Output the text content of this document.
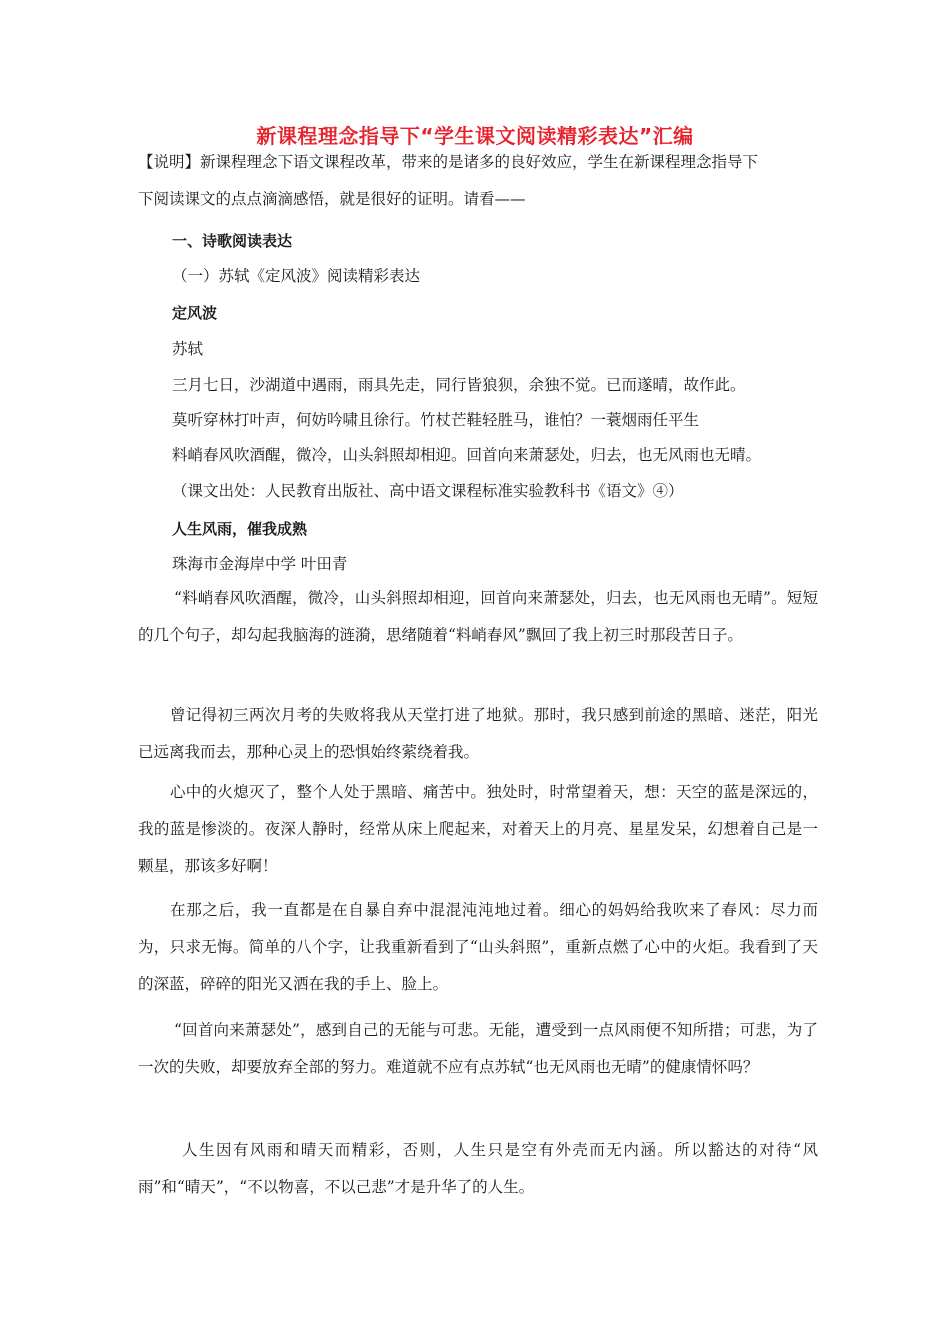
新课程理念指导下“学生课文阅读精彩表达”汇编
【说明】新课程理念下语文课程改革，带来的是诸多的良好效应，学生在新课程理念指导下
下阅读课文的点点滴滴感悟，就是很好的证明。请看——
一、诗歌阅读表达
（一）苏轼《定风波》阅读精彩表达
定风波
苏轼
三月七日，沙湖道中遇雨，雨具先走，同行皆狼狈，余独不觉。已而遂晴，故作此。
莫听穿林打叶声，何妨吟啸且徐行。竹杖芒鞋轻胜马，谁怕？一蓑烟雨任平生
料峭春风吹酒醒，微冷，山头斜照却相迎。回首向来萧瑟处，归去，也无风雨也无晴。
（课文出处：人民教育出版社、高中语文课程标准实验教科书《语文》④）
人生风雨，催我成熟
珠海市金海岸中学 叶田青
“料峭春风吹酒醒，微冷，山头斜照却相迎，回首向来萧瑟处，归去，也无风雨也无晴”。短短的几个句子，却勾起我脑海的涟漪，思绪随着“料峭春风”飘回了我上初三时那段苦日子。
曾记得初三两次月考的失败将我从天堂打进了地狱。那时，我只感到前途的黑暗、迷茫，阳光已远离我而去，那种心灵上的恐惧始终萦绕着我。
心中的火熄灭了，整个人处于黑暗、痛苦中。独处时，时常望着天，想：天空的蓝是深远的，我的蓝是惨淡的。夜深人静时，经常从床上爬起来，对着天上的月亮、星星发呆，幻想着自己是一颗星，那该多好啊！
在那之后，我一直都是在自暴自弃中混混沌沌地过着。细心的妈妈给我吹来了春风：尽力而为，只求无悔。简单的八个字，让我重新看到了“山头斜照”，重新点燃了心中的火炬。我看到了天的深蓝，碎碎的阳光又洒在我的手上、脸上。
“回首向来萧瑟处”，感到自己的无能与可悲。无能，遭受到一点风雨便不知所措；可悲，为了一次的失败，却要放弃全部的努力。难道就不应有点苏轼“也无风雨也无晴”的健康情怀吗？
人生因有风雨和晴天而精彩，否则，人生只是空有外壳而无内涵。所以豁达的对待“风雨”和“晴天”，“不以物喜，不以己悲”才是升华了的人生。
